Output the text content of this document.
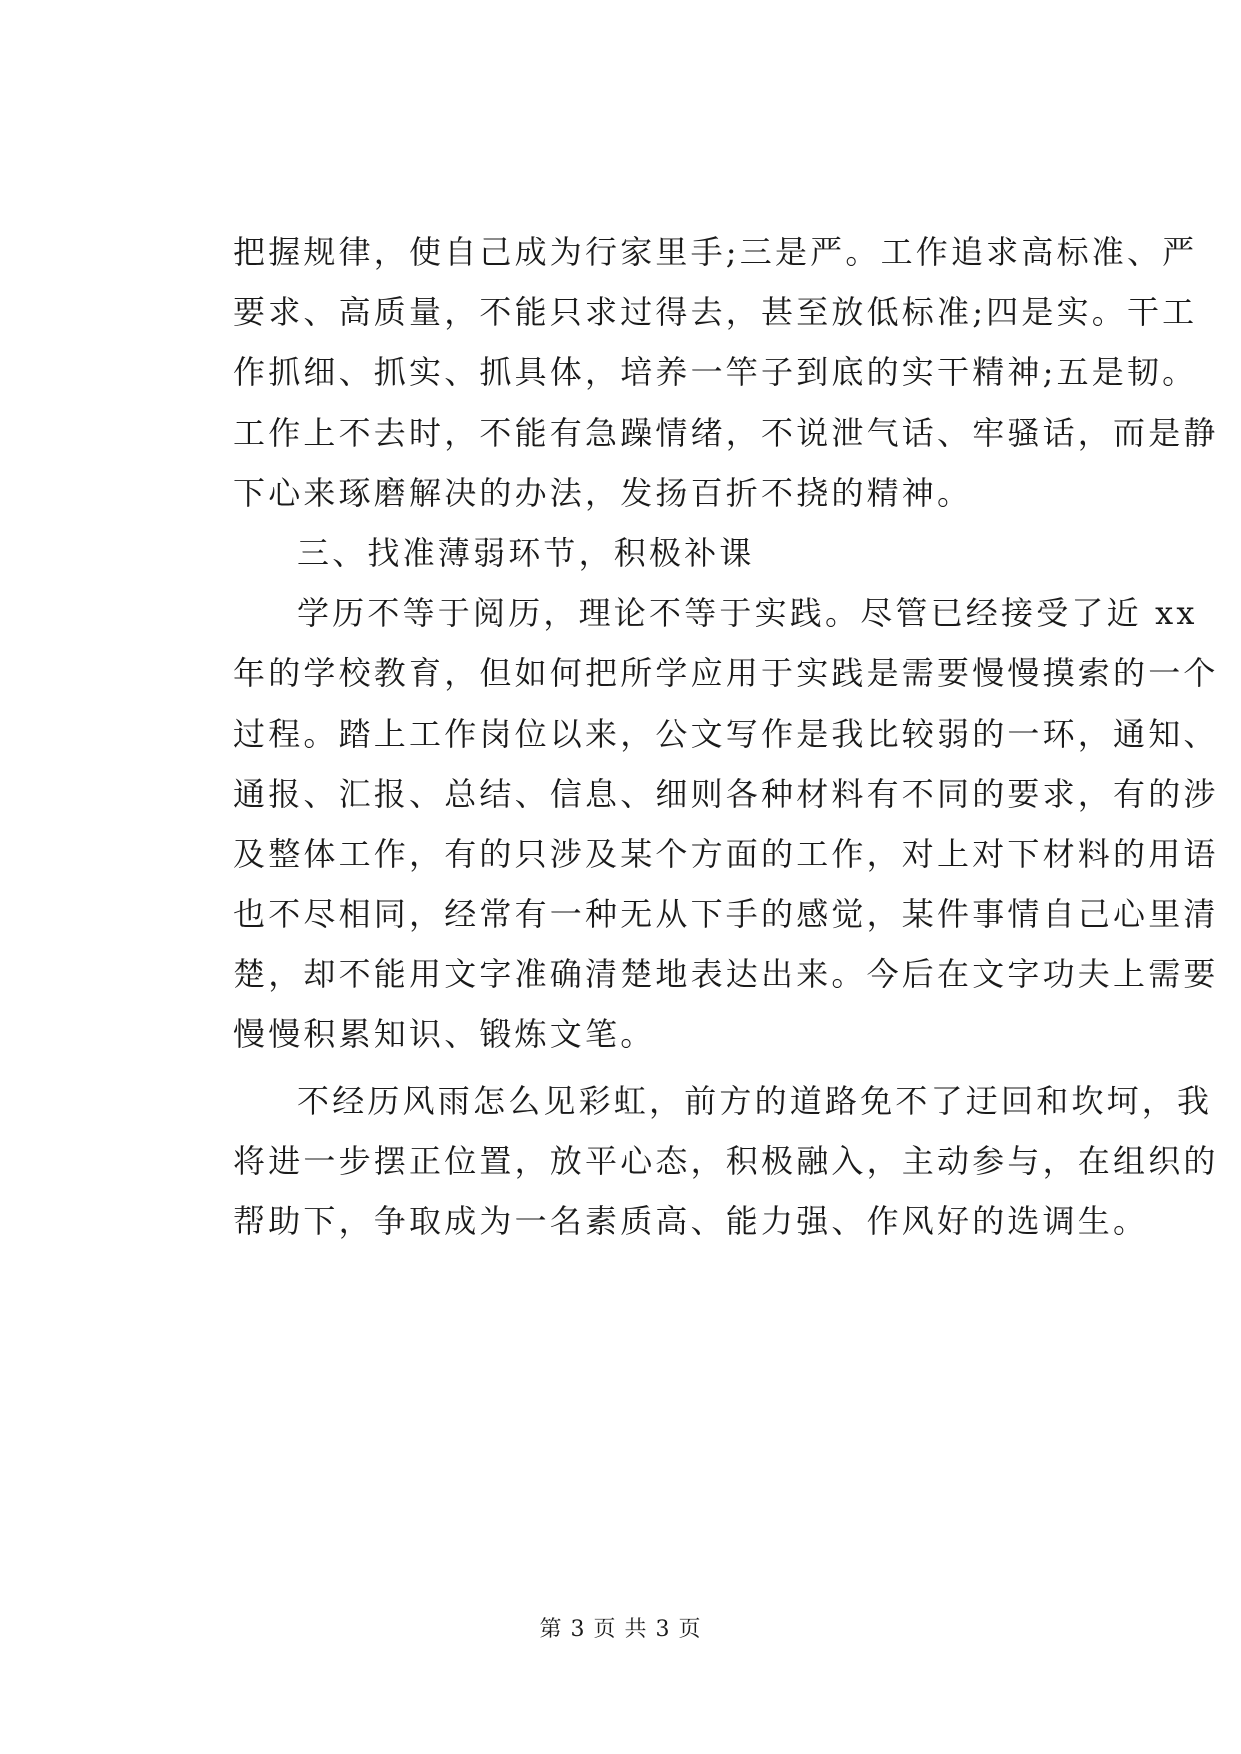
把握规律，使自己成为行家里手;三是严。工作追求高标准、严
要求、高质量，不能只求过得去，甚至放低标准;四是实。干工
作抓细、抓实、抓具体，培养一竿子到底的实干精神;五是韧。
工作上不去时，不能有急躁情绪，不说泄气话、牢骚话，而是静
下心来琢磨解决的办法，发扬百折不挠的精神。
三、找准薄弱环节，积极补课
学历不等于阅历，理论不等于实践。尽管已经接受了近 xx
年的学校教育，但如何把所学应用于实践是需要慢慢摸索的一个
过程。踏上工作岗位以来，公文写作是我比较弱的一环，通知、
通报、汇报、总结、信息、细则各种材料有不同的要求，有的涉
及整体工作，有的只涉及某个方面的工作，对上对下材料的用语
也不尽相同，经常有一种无从下手的感觉，某件事情自己心里清
楚，却不能用文字准确清楚地表达出来。今后在文字功夫上需要
慢慢积累知识、锻炼文笔。
不经历风雨怎么见彩虹，前方的道路免不了迂回和坎坷，我
将进一步摆正位置，放平心态，积极融入，主动参与，在组织的
帮助下，争取成为一名素质高、能力强、作风好的选调生。
第 3 页 共 3 页
